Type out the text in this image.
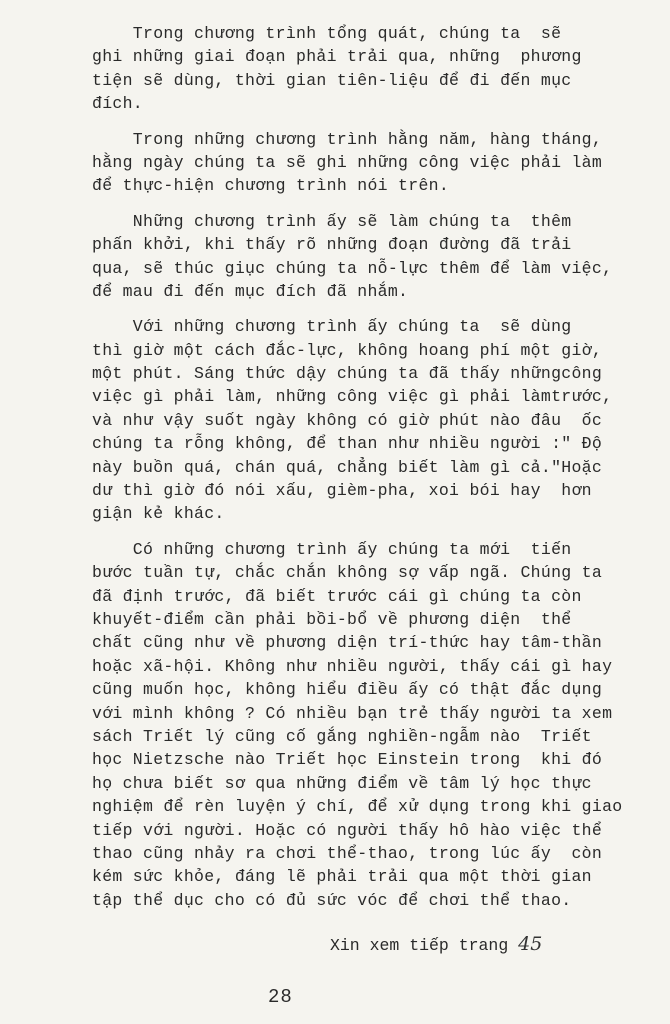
Trong chương trình tổng quát, chúng ta  sẽ
ghi những giai đoạn phải trải qua, những  phương
tiện sẽ dùng, thời gian tiên-liệu để đi đến mục
đích.
Trong những chương trình hằng năm, hàng tháng,
hằng ngày chúng ta sẽ ghi những công việc phải làm
để thực-hiện chương trình nói trên.
Những chương trình ấy sẽ làm chúng ta  thêm
phấn khởi, khi thấy rõ những đoạn đường đã trải
qua, sẽ thúc giục chúng ta nỗ-lực thêm để làm việc,
để mau đi đến mục đích đã nhắm.
Với những chương trình ấy chúng ta  sẽ dùng
thì giờ một cách đắc-lực, không hoang phí một giờ,
một phút. Sáng thức dậy chúng ta đã thấy nhữngcông
việc gì phải làm, những công việc gì phải làmtrước,
và như vậy suốt ngày không có giờ phút nào đâu  ốc
chúng ta rỗng không, để than như nhiều người :" Độ
này buồn quá, chán quá, chẳng biết làm gì cả."Hoặc
dư thì giờ đó nói xấu, gièm-pha, xoi bói hay  hơn
giận kẻ khác.
Có những chương trình ấy chúng ta mới  tiến
bước tuần tự, chắc chắn không sợ vấp ngã. Chúng ta
đã định trước, đã biết trước cái gì chúng ta còn
khuyết-điểm cần phải bồi-bổ về phương diện  thể
chất cũng như về phương diện trí-thức hay tâm-thần
hoặc xã-hội. Không như nhiều người, thấy cái gì hay
cũng muốn học, không hiểu điều ấy có thật đắc dụng
với mình không ? Có nhiều bạn trẻ thấy người ta xem
sách Triết lý cũng cố gắng nghiền-ngẫm nào  Triết
học Nietzsche nào Triết học Einstein trong  khi đó
họ chưa biết sơ qua những điểm về tâm lý học thực
nghiệm để rèn luyện ý chí, để xử dụng trong khi giao
tiếp với người. Hoặc có người thấy hô hào việc thể
thao cũng nhảy ra chơi thể-thao, trong lúc ấy  còn
kém sức khỏe, đáng lẽ phải trải qua một thời gian
tập thể dục cho có đủ sức vóc để chơi thể thao.
Xin xem tiếp trang 45
28
